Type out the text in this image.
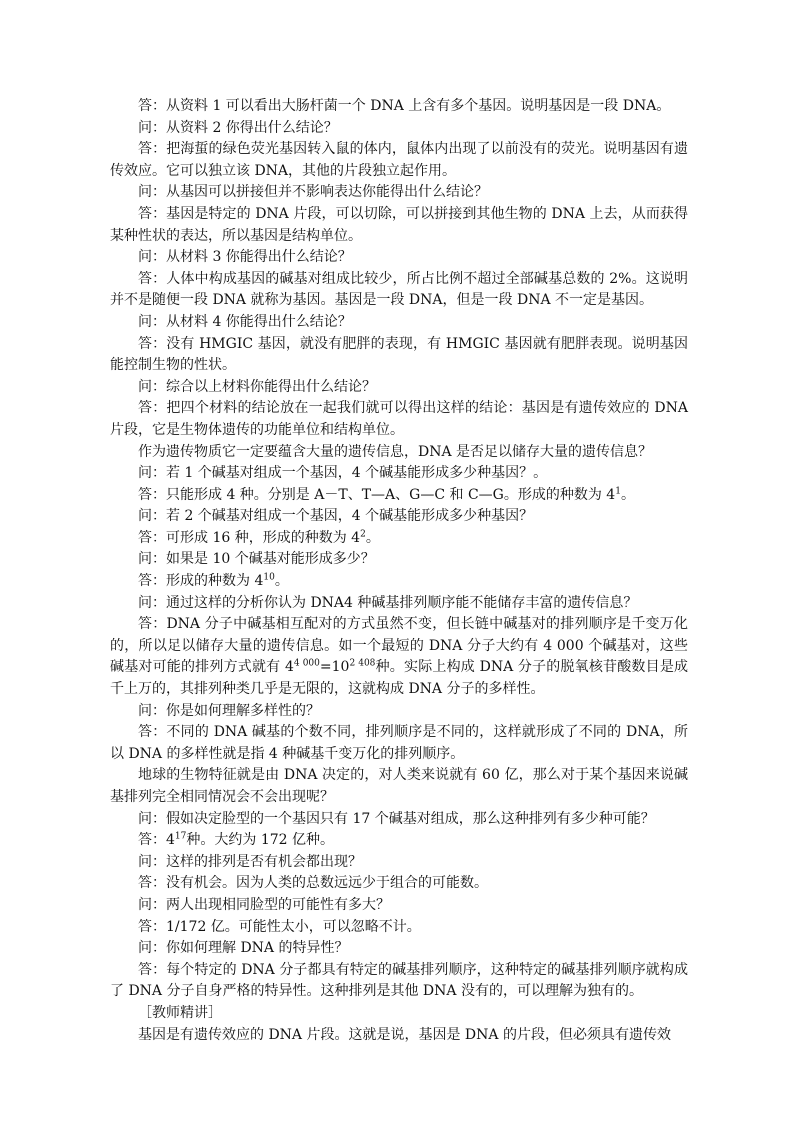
答：从资料 1 可以看出大肠杆菌一个 DNA 上含有多个基因。说明基因是一段 DNA。

问：从资料 2 你得出什么结论？

答：把海蜇的绿色荧光基因转入鼠的体内，鼠体内出现了以前没有的荧光。说明基因有遗传效应。它可以独立该 DNA，其他的片段独立起作用。

问：从基因可以拼接但并不影响表达你能得出什么结论？

答：基因是特定的 DNA 片段，可以切除，可以拼接到其他生物的 DNA 上去，从而获得某种性状的表达，所以基因是结构单位。

问：从材料 3 你能得出什么结论？

答：人体中构成基因的碱基对组成比较少，所占比例不超过全部碱基总数的 2%。这说明并不是随便一段 DNA 就称为基因。基因是一段 DNA，但是一段 DNA 不一定是基因。

问：从材料 4 你能得出什么结论？

答：没有 HMGIC 基因，就没有肥胖的表现，有 HMGIC 基因就有肥胖表现。说明基因能控制生物的性状。

问：综合以上材料你能得出什么结论？

答：把四个材料的结论放在一起我们就可以得出这样的结论：基因是有遗传效应的 DNA 片段，它是生物体遗传的功能单位和结构单位。

作为遗传物质它一定要蕴含大量的遗传信息，DNA 是否足以储存大量的遗传信息？

问：若 1 个碱基对组成一个基因，4 个碱基能形成多少种基因？。

答：只能形成 4 种。分别是 A－T、T—A、G—C 和 C—G。形成的种数为 $4^1$。

问：若 2 个碱基对组成一个基因，4 个碱基能形成多少种基因？

答：可形成 16 种，形成的种数为 $4^2$。

问：如果是 10 个碱基对能形成多少？

答：形成的种数为 $4^{10}$。

问：通过这样的分析你认为 DNA4 种碱基排列顺序能不能储存丰富的遗传信息？

答：DNA 分子中碱基相互配对的方式虽然不变，但长链中碱基对的排列顺序是千变万化的，所以足以储存大量的遗传信息。如一个最短的 DNA 分子大约有 4 000 个碱基对，这些碱基对可能的排列方式就有 $4^{4 000}=10^{2 408}$种。实际上构成 DNA 分子的脱氧核苷酸数目是成千上万的，其排列种类几乎是无限的，这就构成 DNA 分子的多样性。

问：你是如何理解多样性的？

答：不同的 DNA 碱基的个数不同，排列顺序是不同的，这样就形成了不同的 DNA，所以 DNA 的多样性就是指 4 种碱基千变万化的排列顺序。

地球的生物特征就是由 DNA 决定的，对人类来说就有 60 亿，那么对于某个基因来说碱基排列完全相同情况会不会出现呢？

问：假如决定脸型的一个基因只有 17 个碱基对组成，那么这种排列有多少种可能？

答：$4^{17}$种。大约为 172 亿种。

问：这样的排列是否有机会都出现？

答：没有机会。因为人类的总数远远少于组合的可能数。

问：两人出现相同脸型的可能性有多大？

答：1/172 亿。可能性太小，可以忽略不计。

问：你如何理解 DNA 的特异性？

答：每个特定的 DNA 分子都具有特定的碱基排列顺序，这种特定的碱基排列顺序就构成了 DNA 分子自身严格的特异性。这种排列是其他 DNA 没有的，可以理解为独有的。

［教师精讲］

基因是有遗传效应的 DNA 片段。这就是说，基因是 DNA 的片段，但必须具有遗传效
